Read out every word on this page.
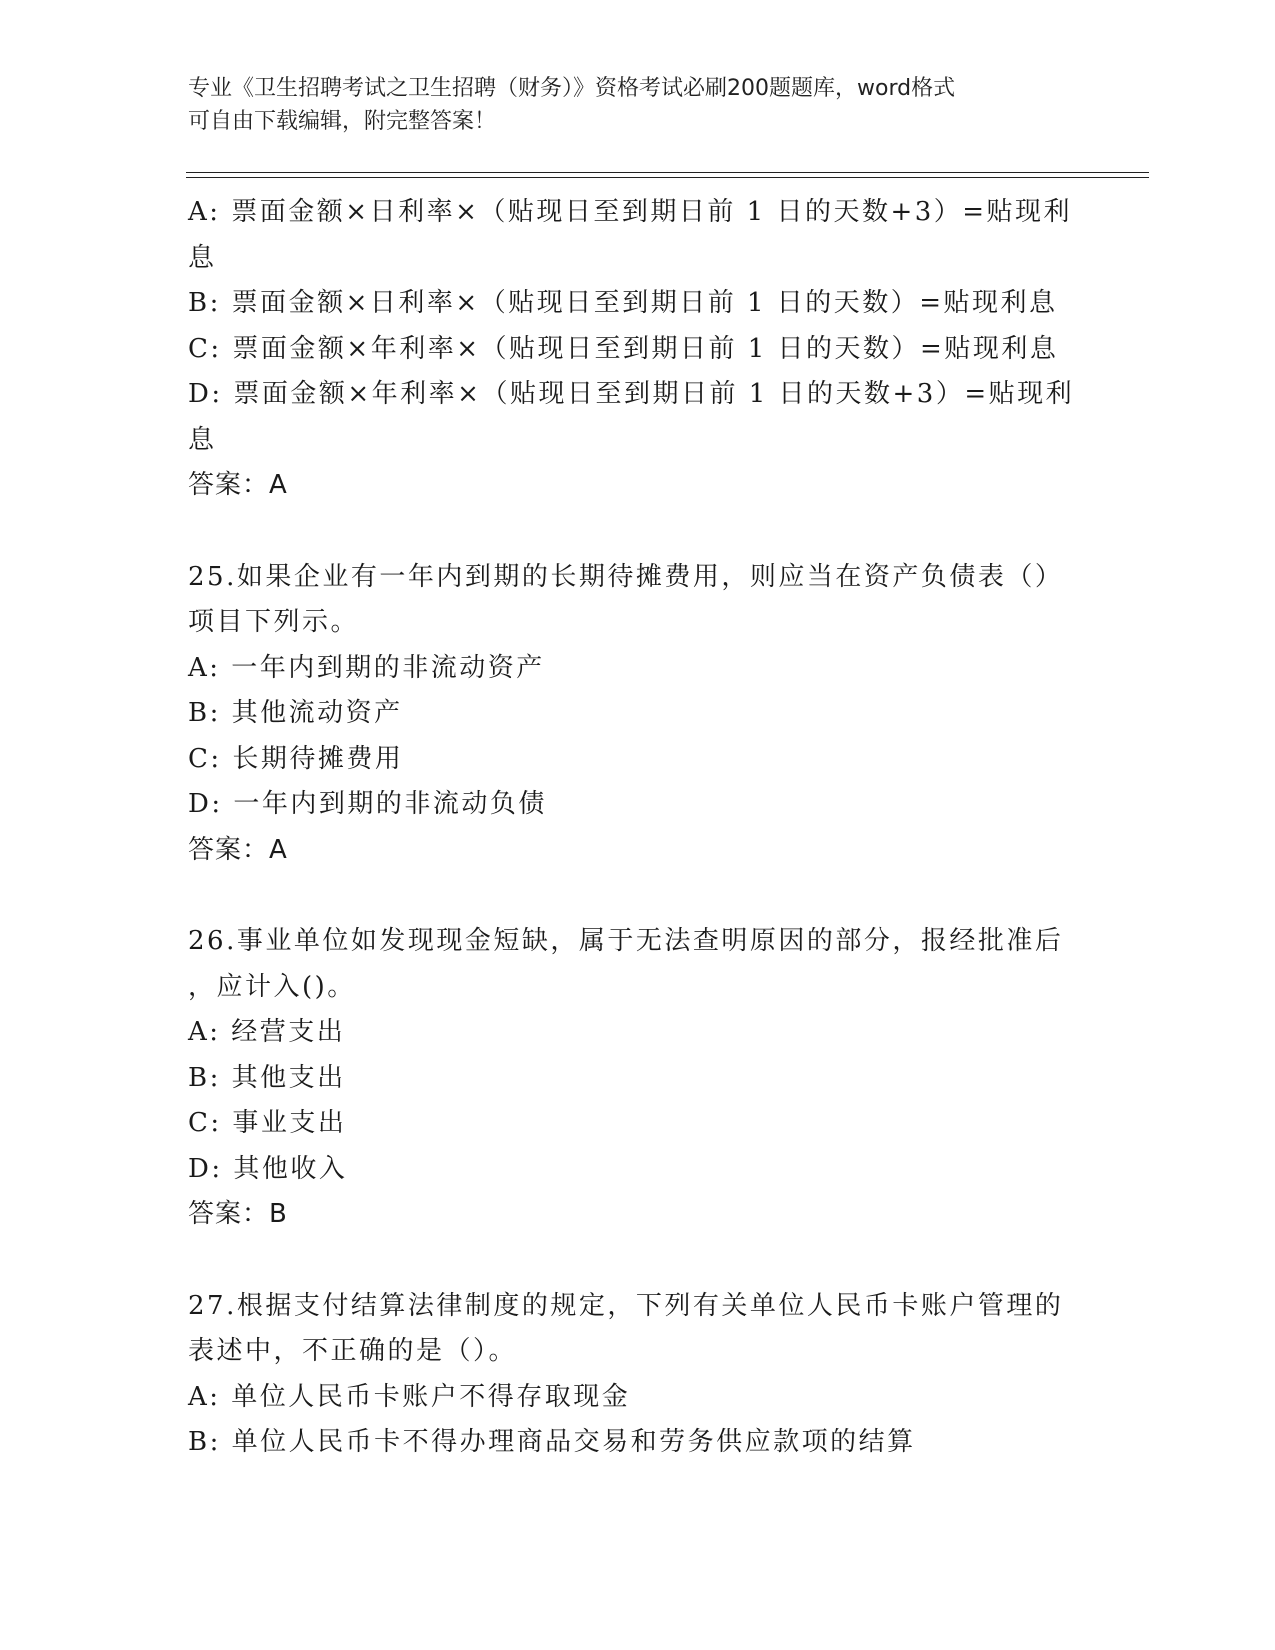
专业《卫生招聘考试之卫生招聘（财务）》资格考试必刷200题题库，word格式
可自由下载编辑，附完整答案！
A: 票面金额×日利率×（贴现日至到期日前 1 日的天数+3）=贴现利
息
B: 票面金额×日利率×（贴现日至到期日前 1 日的天数）=贴现利息
C: 票面金额×年利率×（贴现日至到期日前 1 日的天数）=贴现利息
D: 票面金额×年利率×（贴现日至到期日前 1 日的天数+3）=贴现利
息
答案：A
25.如果企业有一年内到期的长期待摊费用，则应当在资产负债表（）
项目下列示。
A: 一年内到期的非流动资产
B: 其他流动资产
C: 长期待摊费用
D: 一年内到期的非流动负债
答案：A
26.事业单位如发现现金短缺，属于无法查明原因的部分，报经批准后
，应计入()。
A: 经营支出
B: 其他支出
C: 事业支出
D: 其他收入
答案：B
27.根据支付结算法律制度的规定，下列有关单位人民币卡账户管理的
表述中，不正确的是（）。
A: 单位人民币卡账户不得存取现金
B: 单位人民币卡不得办理商品交易和劳务供应款项的结算
